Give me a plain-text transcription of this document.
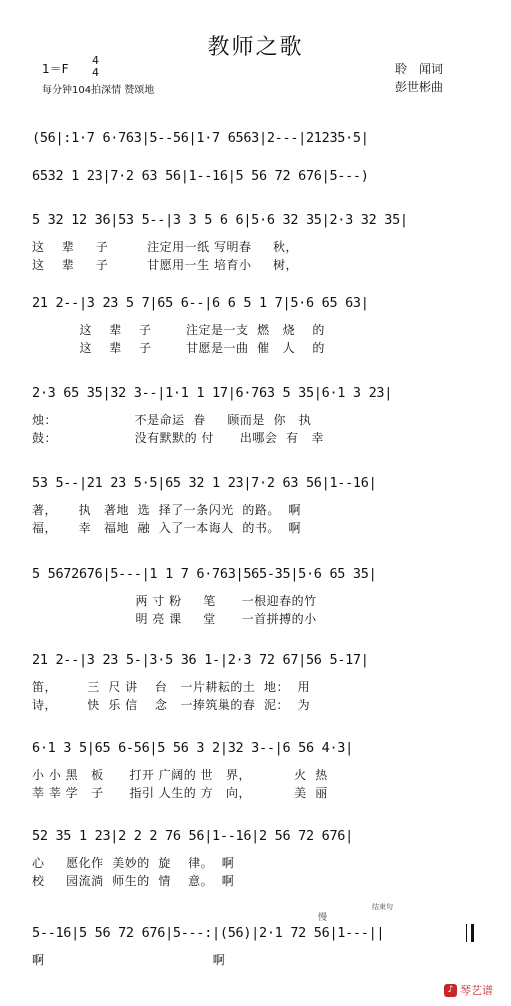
教师之歌
1＝F
4
4
每分钟104拍深情 赞颂地
聆　闻词
彭世彬曲
(56|:1·7 6·763|5--56|1·7 6563|2---|21235·5|
6532 1 23|7·2 63 56|1--16|5 56 72 676|5---)
5 32 12 36|53 5--|3 3 5 6 6|5·6 32 35|2·3 32 35|
这    辈     子         注定用一纸 写明春     秋，
这    辈     子         甘愿用一生 培育小     树，
21 2--|3 23 5 7|65 6--|6 6 5 1 7|5·6 65 63|
这    辈    子        注定是一支  燃   烧    的
这    辈    子        甘愿是一曲  催   人    的
2·3 65 35|32 3--|1·1 1 17|6·763 5 35|6·1 3 23|
烛：                  不是命运  眷     顾而是  你   执
鼓：                  没有默默的 付      出哪会  有   幸
53 5--|21 23 5·5|65 32 1 23|7·2 63 56|1--16|
著，     执   著地  选  择了一条闪光  的路。  啊
福，     幸   福地  融  入了一本诲人  的书。  啊
5 5672676|5---|1 1 7 6·763|565-35|5·6 65 35|
两 寸 粉     笔      一根迎春的竹
明 亮 课     堂      一首拼搏的小
21 2--|3 23 5-|3·5 36 1-|2·3 72 67|56 5-17|
笛，       三  尺 讲    台   一片耕耘的土  地：  用
诗，       快  乐 信    念   一捧筑巢的春  泥：  为
6·1 3 5|65 6-56|5 56 3 2|32 3--|6 56 4·3|
小 小 黑   板      打开 广阔的 世   界，          火  热
莘 莘 学   子      指引 人生的 方   向，          美  丽
52 35 1 23|2 2 2 76 56|1--16|2 56 72 676|
心     愿化作  美妙的  旋    律。  啊
校     园流淌  师生的  情    意。  啊
结束句
慢
5--16|5 56 72 676|5---:|(56)|2·1 72 56|1---||
啊                                       啊
♪ 琴艺谱
